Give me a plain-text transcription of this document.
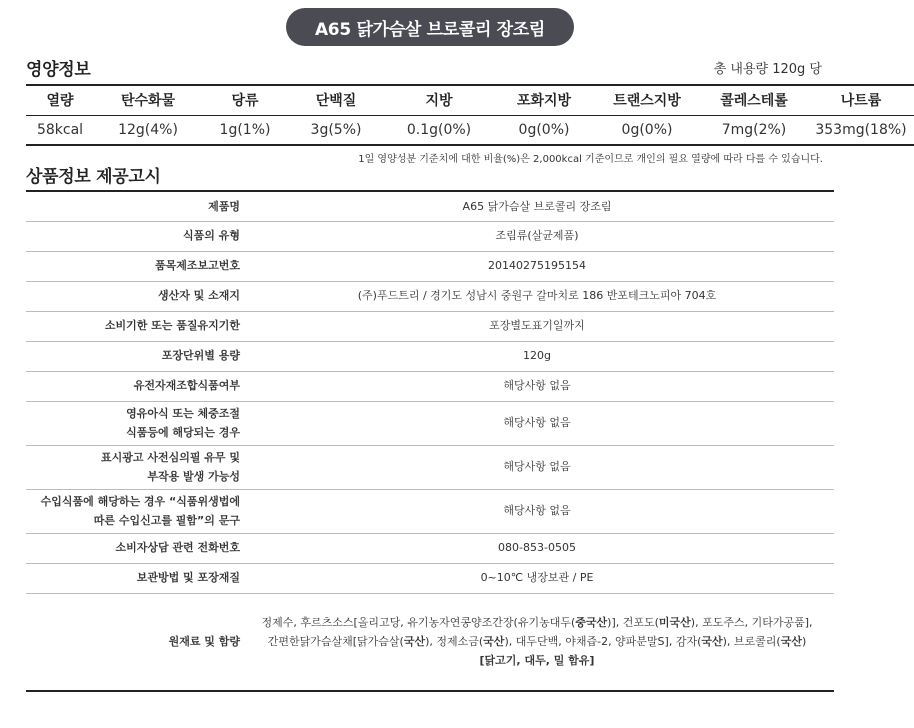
A65 닭가슴살 브로콜리 장조림
영양정보	총 내용량 120g 당
열량	탄수화물	당류	단백질	지방	포화지방	트랜스지방	콜레스테롤	나트륨
58kcal	12g(4%)	1g(1%)	3g(5%)	0.1g(0%)	0g(0%)	0g(0%)	7mg(2%)	353mg(18%)
1일 영양성분 기준치에 대한 비율(%)은 2,000kcal 기준이므로 개인의 필요 열량에 따라 다를 수 있습니다.
상품정보 제공고시
제품명	A65 닭가슴살 브로콜리 장조림
식품의 유형	조림류(살균제품)
품목제조보고번호	20140275195154
생산자 및 소재지	(주)푸드트리 / 경기도 성남시 중원구 갈마치로 186 반포테크노피아 704호
소비기한 또는 품질유지기한	포장별도표기일까지
포장단위별 용량	120g
유전자재조합식품여부	해당사항 없음

영유아식 또는 체중조절
식품등에 해당되는 경우	해당사항 없음

표시광고 사전심의필 유무 및
부작용 발생 가능성	해당사항 없음

수입식품에 해당하는 경우 “식품위생법에
따른 수입신고를 필함”의 문구	해당사항 없음
소비자상담 관련 전화번호	080-853-0505
보관방법 및 포장재질	0~10℃ 냉장보관 / PE
원재료 및 함량	정제수, 후르츠소스[올리고당, 유기농자연콩양조간장(유기농대두(중국산)], 건포도(미국산), 포도주스, 기타가공품],
간편한닭가슴살채[닭가슴살(국산), 정제소금(국산), 대두단백, 야채즙-2, 양파분말S], 감자(국산), 브로콜리(국산)
[닭고기, 대두, 밀 함유]
